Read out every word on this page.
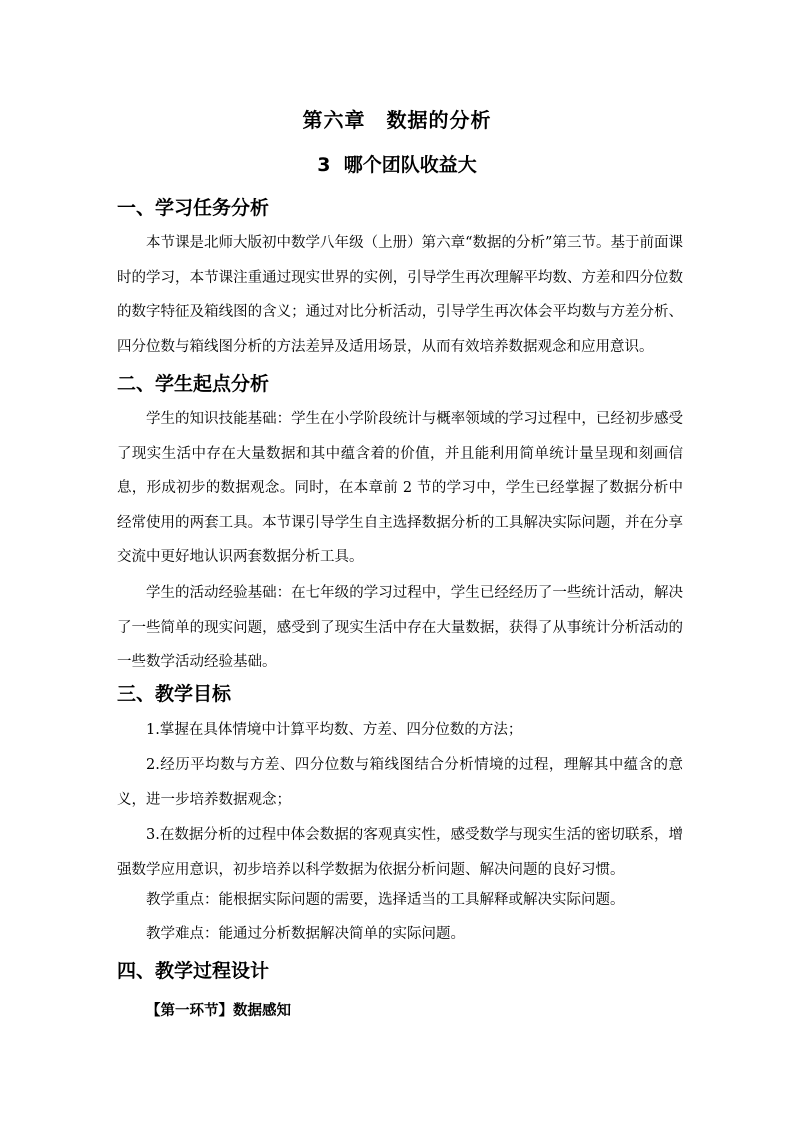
第六章　数据的分析
3  哪个团队收益大
一、学习任务分析

本节课是北师大版初中数学八年级（上册）第六章“数据的分析”第三节。基于前面课时的学习，本节课注重通过现实世界的实例，引导学生再次理解平均数、方差和四分位数的数字特征及箱线图的含义；通过对比分析活动，引导学生再次体会平均数与方差分析、四分位数与箱线图分析的方法差异及适用场景，从而有效培养数据观念和应用意识。

二、学生起点分析

学生的知识技能基础：学生在小学阶段统计与概率领域的学习过程中，已经初步感受了现实生活中存在大量数据和其中蕴含着的价值，并且能利用简单统计量呈现和刻画信息，形成初步的数据观念。同时，在本章前 2 节的学习中，学生已经掌握了数据分析中经常使用的两套工具。本节课引导学生自主选择数据分析的工具解决实际问题，并在分享交流中更好地认识两套数据分析工具。

学生的活动经验基础：在七年级的学习过程中，学生已经经历了一些统计活动，解决了一些简单的现实问题，感受到了现实生活中存在大量数据，获得了从事统计分析活动的一些数学活动经验基础。

三、教学目标

1.掌握在具体情境中计算平均数、方差、四分位数的方法；

2.经历平均数与方差、四分位数与箱线图结合分析情境的过程，理解其中蕴含的意义，进一步培养数据观念；

3.在数据分析的过程中体会数据的客观真实性，感受数学与现实生活的密切联系，增强数学应用意识，初步培养以科学数据为依据分析问题、解决问题的良好习惯。

教学重点：能根据实际问题的需要，选择适当的工具解释或解决实际问题。

教学难点：能通过分析数据解决简单的实际问题。

四、教学过程设计
【第一环节】数据感知
